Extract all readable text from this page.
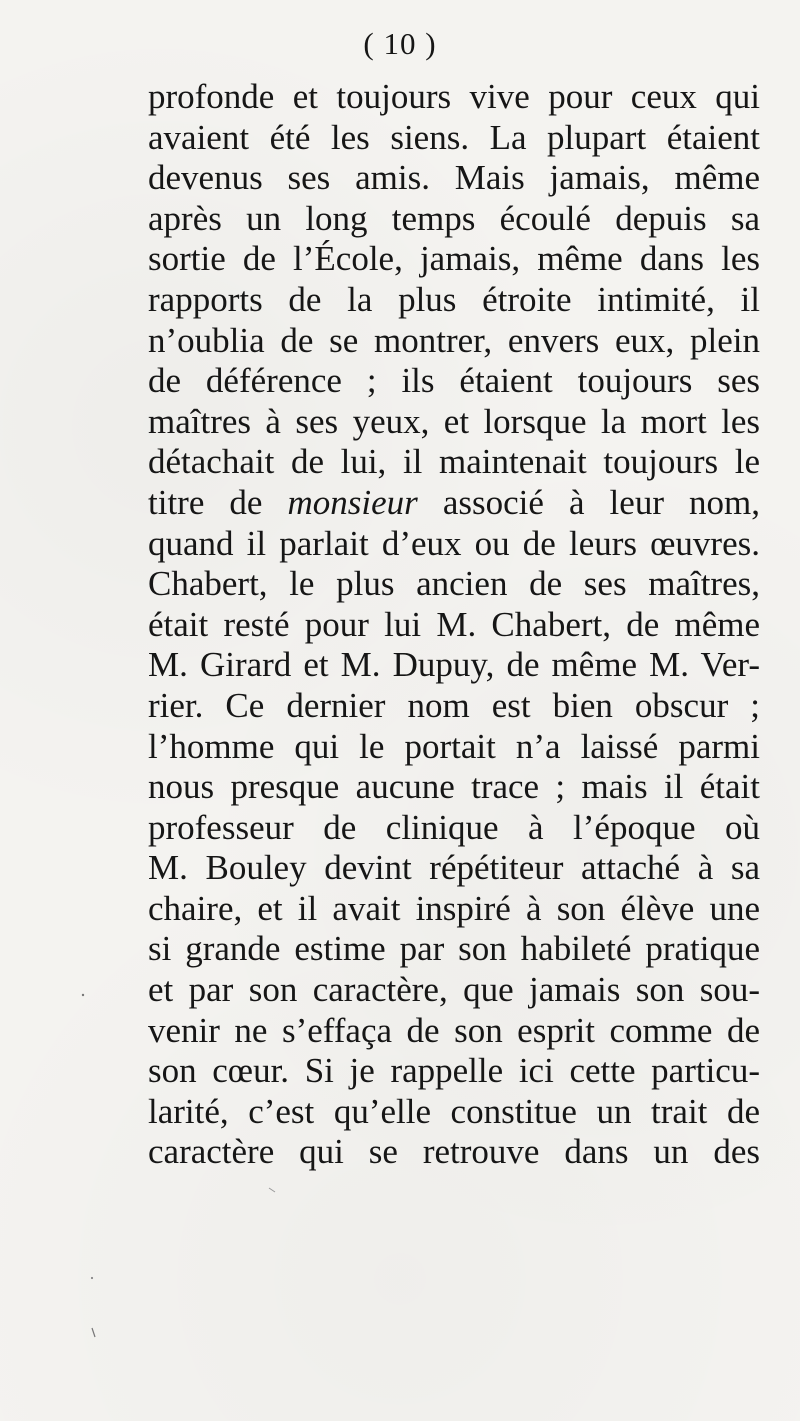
( 10 )
profonde et toujours vive pour ceux qui
avaient été les siens. La plupart étaient
devenus ses amis. Mais jamais, même
après un long temps écoulé depuis sa
sortie de l’École, jamais, même dans les
rapports de la plus étroite intimité, il
n’oublia de se montrer, envers eux, plein
de déférence ; ils étaient toujours ses
maîtres à ses yeux, et lorsque la mort les
détachait de lui, il maintenait toujours le
titre de monsieur associé à leur nom,
quand il parlait d’eux ou de leurs œuvres.
Chabert, le plus ancien de ses maîtres,
était resté pour lui M. Chabert, de même
M. Girard et M. Dupuy, de même M. Ver-
rier. Ce dernier nom est bien obscur ;
l’homme qui le portait n’a laissé parmi
nous presque aucune trace ; mais il était
professeur de clinique à l’époque où
M. Bouley devint répétiteur attaché à sa
chaire, et il avait inspiré à son élève une
si grande estime par son habileté pratique
et par son caractère, que jamais son sou-
venir ne s’effaça de son esprit comme de
son cœur. Si je rappelle ici cette particu-
larité, c’est qu’elle constitue un trait de
caractère qui se retrouve dans un des
